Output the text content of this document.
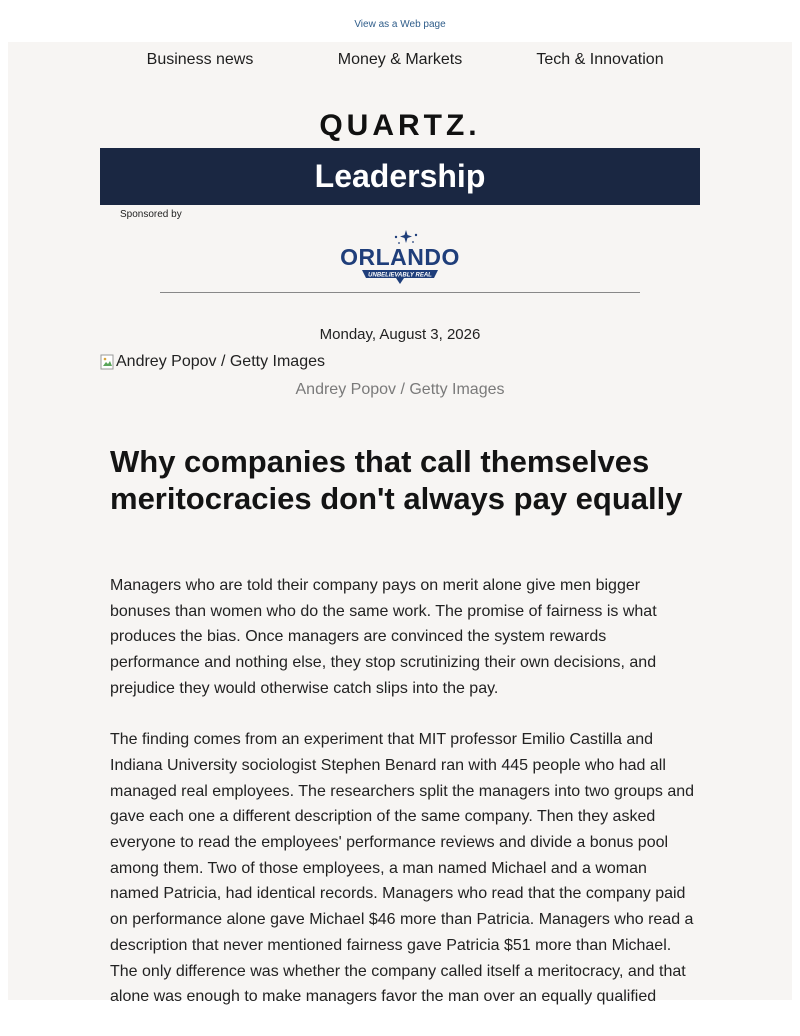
View as a Web page
Business news	Money & Markets	Tech & Innovation
QUARTZ.
Leadership
Sponsored by
ORLANDO
UNBELIEVABLY REAL
Monday, August 3, 2026
Andrey Popov / Getty Images
Andrey Popov / Getty Images
Why companies that call themselves meritocracies don't always pay equally

Managers who are told their company pays on merit alone give men bigger bonuses than women who do the same work. The promise of fairness is what produces the bias. Once managers are convinced the system rewards performance and nothing else, they stop scrutinizing their own decisions, and prejudice they would otherwise catch slips into the pay.

The finding comes from an experiment that MIT professor Emilio Castilla and Indiana University sociologist Stephen Benard ran with 445 people who had all managed real employees. The researchers split the managers into two groups and gave each one a different description of the same company. Then they asked everyone to read the employees' performance reviews and divide a bonus pool among them. Two of those employees, a man named Michael and a woman named Patricia, had identical records. Managers who read that the company paid on performance alone gave Michael $46 more than Patricia. Managers who read a description that never mentioned fairness gave Patricia $51 more than Michael. The only difference was whether the company called itself a meritocracy, and that alone was enough to make managers favor the man over an equally qualified
